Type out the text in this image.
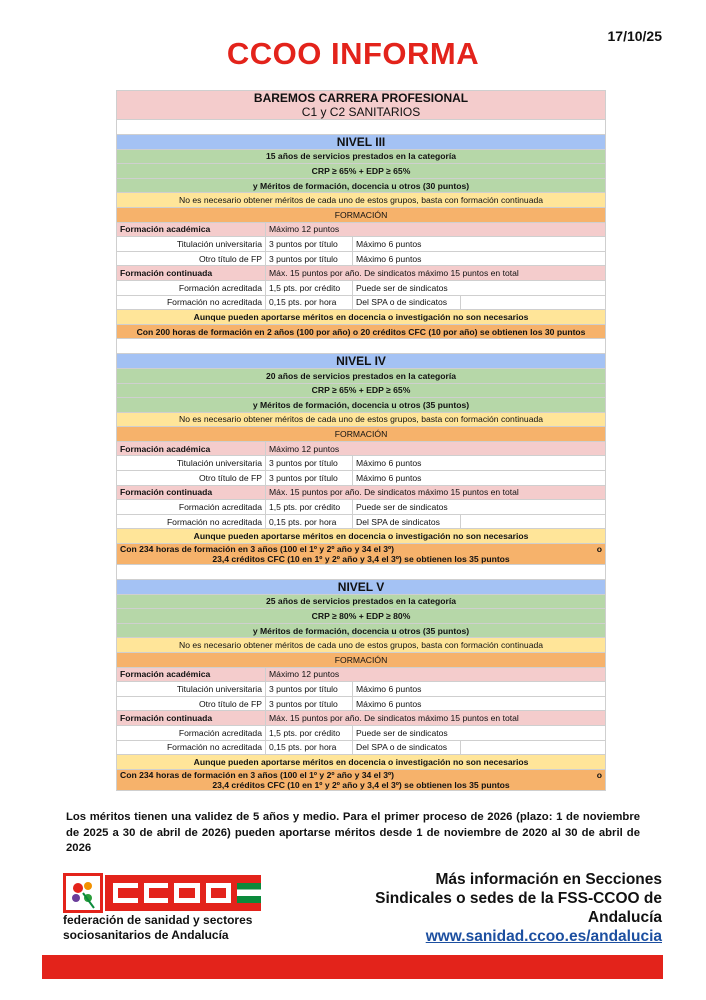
17/10/25
CCOO INFORMA
BAREMOS CARRERA PROFESIONAL
C1 y C2 SANITARIOS			

NIVEL III			
15 años de servicios prestados en la categoría			
CRP ≥ 65% + EDP ≥ 65%			
y Méritos de formación, docencia u otros (30 puntos)			
No es necesario obtener méritos de cada uno de estos grupos, basta con formación continuada			
FORMACIÓN			
Formación académica	Máximo 12 puntos		
Titulación universitaria	3 puntos por título	Máximo 6 puntos	
Otro título de FP	3 puntos por título	Máximo 6 puntos	
Formación continuada	Máx. 15 puntos por año. De sindicatos máximo 15 puntos en total		
Formación acreditada	1,5 pts. por crédito	Puede ser de sindicatos	
Formación no acreditada	0,15 pts. por hora	Del SPA o de sindicatos	
Aunque pueden aportarse méritos en docencia o investigación no son necesarios			
Con 200 horas de formación en 2 años (100 por año) o 20 créditos CFC (10 por año) se obtienen los 30 puntos			

NIVEL IV			
20 años de servicios prestados en la categoría			
CRP ≥ 65% + EDP ≥ 65%			
y Méritos de formación, docencia u otros (35 puntos)			
No es necesario obtener méritos de cada uno de estos grupos, basta con formación continuada			
FORMACIÓN			
Formación académica	Máximo 12 puntos		
Titulación universitaria	3 puntos por título	Máximo 6 puntos	
Otro título de FP	3 puntos por título	Máximo 6 puntos	
Formación continuada	Máx. 15 puntos por año. De sindicatos máximo 15 puntos en total		
Formación acreditada	1,5 pts. por crédito	Puede ser de sindicatos	
Formación no acreditada	0,15 pts. por hora	Del SPA de sindicatos	
Aunque pueden aportarse méritos en docencia o investigación no son necesarios			

Con 234 horas de formación en 3 años (100 el 1º y 2º año y 34 el 3º) o
23,4 créditos CFC (10 en 1º y 2º año y 3,4 el 3º) se obtienen los 35 puntos			

NIVEL V			
25 años de servicios prestados en la categoría			
CRP ≥ 80% + EDP ≥ 80%			
y Méritos de formación, docencia u otros (35 puntos)			
No es necesario obtener méritos de cada uno de estos grupos, basta con formación continuada			
FORMACIÓN			
Formación académica	Máximo 12 puntos		
Titulación universitaria	3 puntos por título	Máximo 6 puntos	
Otro título de FP	3 puntos por título	Máximo 6 puntos	
Formación continuada	Máx. 15 puntos por año. De sindicatos máximo 15 puntos en total		
Formación acreditada	1,5 pts. por crédito	Puede ser de sindicatos	
Formación no acreditada	0,15 pts. por hora	Del SPA o de sindicatos	
Aunque pueden aportarse méritos en docencia o investigación no son necesarios			

Con 234 horas de formación en 3 años (100 el 1º y 2º año y 34 el 3º) o
23,4 créditos CFC (10 en 1º y 2º año y 3,4 el 3º) se obtienen los 35 puntos			
Los méritos tienen una validez de 5 años y medio. Para el primer proceso de 2026 (plazo: 1 de noviembre de 2025 a 30 de abril de 2026) pueden aportarse méritos desde 1 de noviembre de 2020 al 30 de abril de 2026
federación de sanidad y sectores
sociosanitarios de Andalucía
Más información en Secciones
Sindicales o sedes de la FSS-CCOO de
Andalucía
www.sanidad.ccoo.es/andalucia
